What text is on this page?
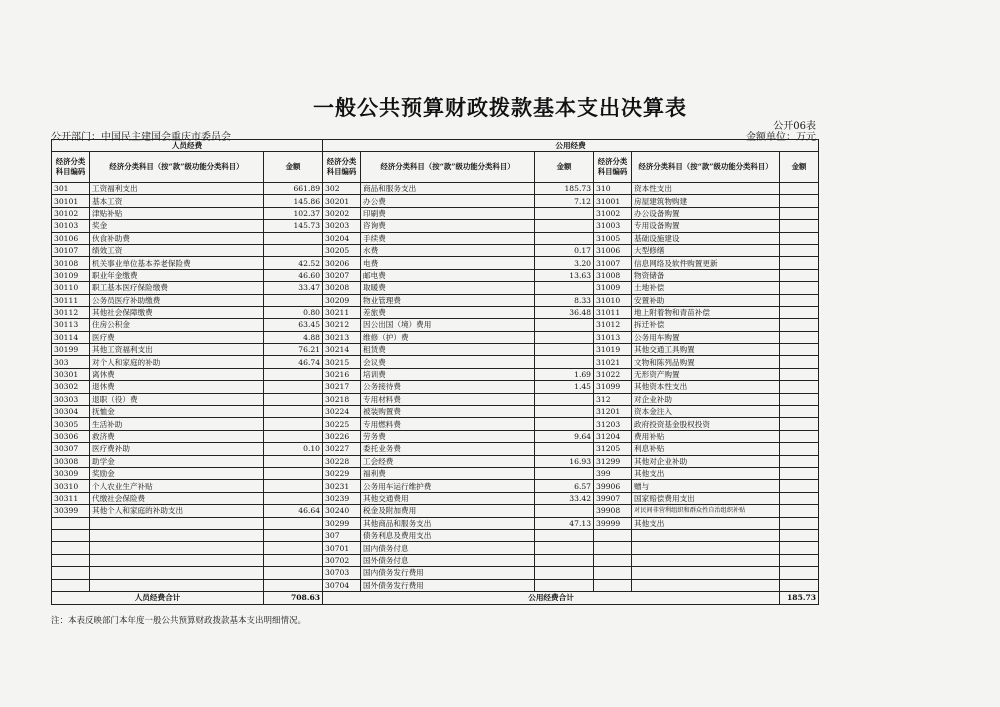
一般公共预算财政拨款基本支出决算表
公开06表
金额单位：万元
公开部门：中国民主建国会重庆市委员会
人员经费			公用经费					
经济分类科目编码	经济分类科目（按“款”级功能分类科目）	金额	经济分类科目编码	经济分类科目（按“款”级功能分类科目）	金额	经济分类科目编码	经济分类科目（按“款”级功能分类科目）	金额
301	工资福利支出	661.89	302	商品和服务支出	185.73	310	资本性支出	
30101	基本工资	145.86	30201	办公费	7.12	31001	房屋建筑物购建	
30102	津贴补贴	102.37	30202	印刷费		31002	办公设备购置	
30103	奖金	145.73	30203	咨询费		31003	专用设备购置	
30106	伙食补助费		30204	手续费		31005	基础设施建设	
30107	绩效工资		30205	水费	0.17	31006	大型修缮	
30108	机关事业单位基本养老保险费	42.52	30206	电费	3.20	31007	信息网络及软件购置更新	
30109	职业年金缴费	46.60	30207	邮电费	13.63	31008	物资储备	
30110	职工基本医疗保险缴费	33.47	30208	取暖费		31009	土地补偿	
30111	公务员医疗补助缴费		30209	物业管理费	8.33	31010	安置补助	
30112	其他社会保障缴费	0.80	30211	差旅费	36.48	31011	地上附着物和青苗补偿	
30113	住房公积金	63.45	30212	因公出国（境）费用		31012	拆迁补偿	
30114	医疗费	4.88	30213	维修（护）费		31013	公务用车购置	
30199	其他工资福利支出	76.21	30214	租赁费		31019	其他交通工具购置	
303	对个人和家庭的补助	46.74	30215	会议费		31021	文物和陈列品购置	
30301	离休费		30216	培训费	1.69	31022	无形资产购置	
30302	退休费		30217	公务接待费	1.45	31099	其他资本性支出	
30303	退职（役）费		30218	专用材料费		312	对企业补助	
30304	抚恤金		30224	被装购置费		31201	资本金注入	
30305	生活补助		30225	专用燃料费		31203	政府投资基金股权投资	
30306	救济费		30226	劳务费	9.64	31204	费用补贴	
30307	医疗费补助	0.10	30227	委托业务费		31205	利息补贴	
30308	助学金		30228	工会经费	16.93	31299	其他对企业补助	
30309	奖励金		30229	福利费		399	其他支出	
30310	个人农业生产补贴		30231	公务用车运行维护费	6.57	39906	赠与	
30311	代缴社会保险费		30239	其他交通费用	33.42	39907	国家赔偿费用支出	
30399	其他个人和家庭的补助支出	46.64	30240	税金及附加费用		39908	对民间非营利组织和群众性自治组织补贴	
			30299	其他商品和服务支出	47.13	39999	其他支出	
			307	债务利息及费用支出				
			30701	国内债务付息				
			30702	国外债务付息				
			30703	国内债务发行费用				
			30704	国外债务发行费用				
人员经费合计		708.63	公用经费合计					185.73
注：本表反映部门本年度一般公共预算财政拨款基本支出明细情况。
